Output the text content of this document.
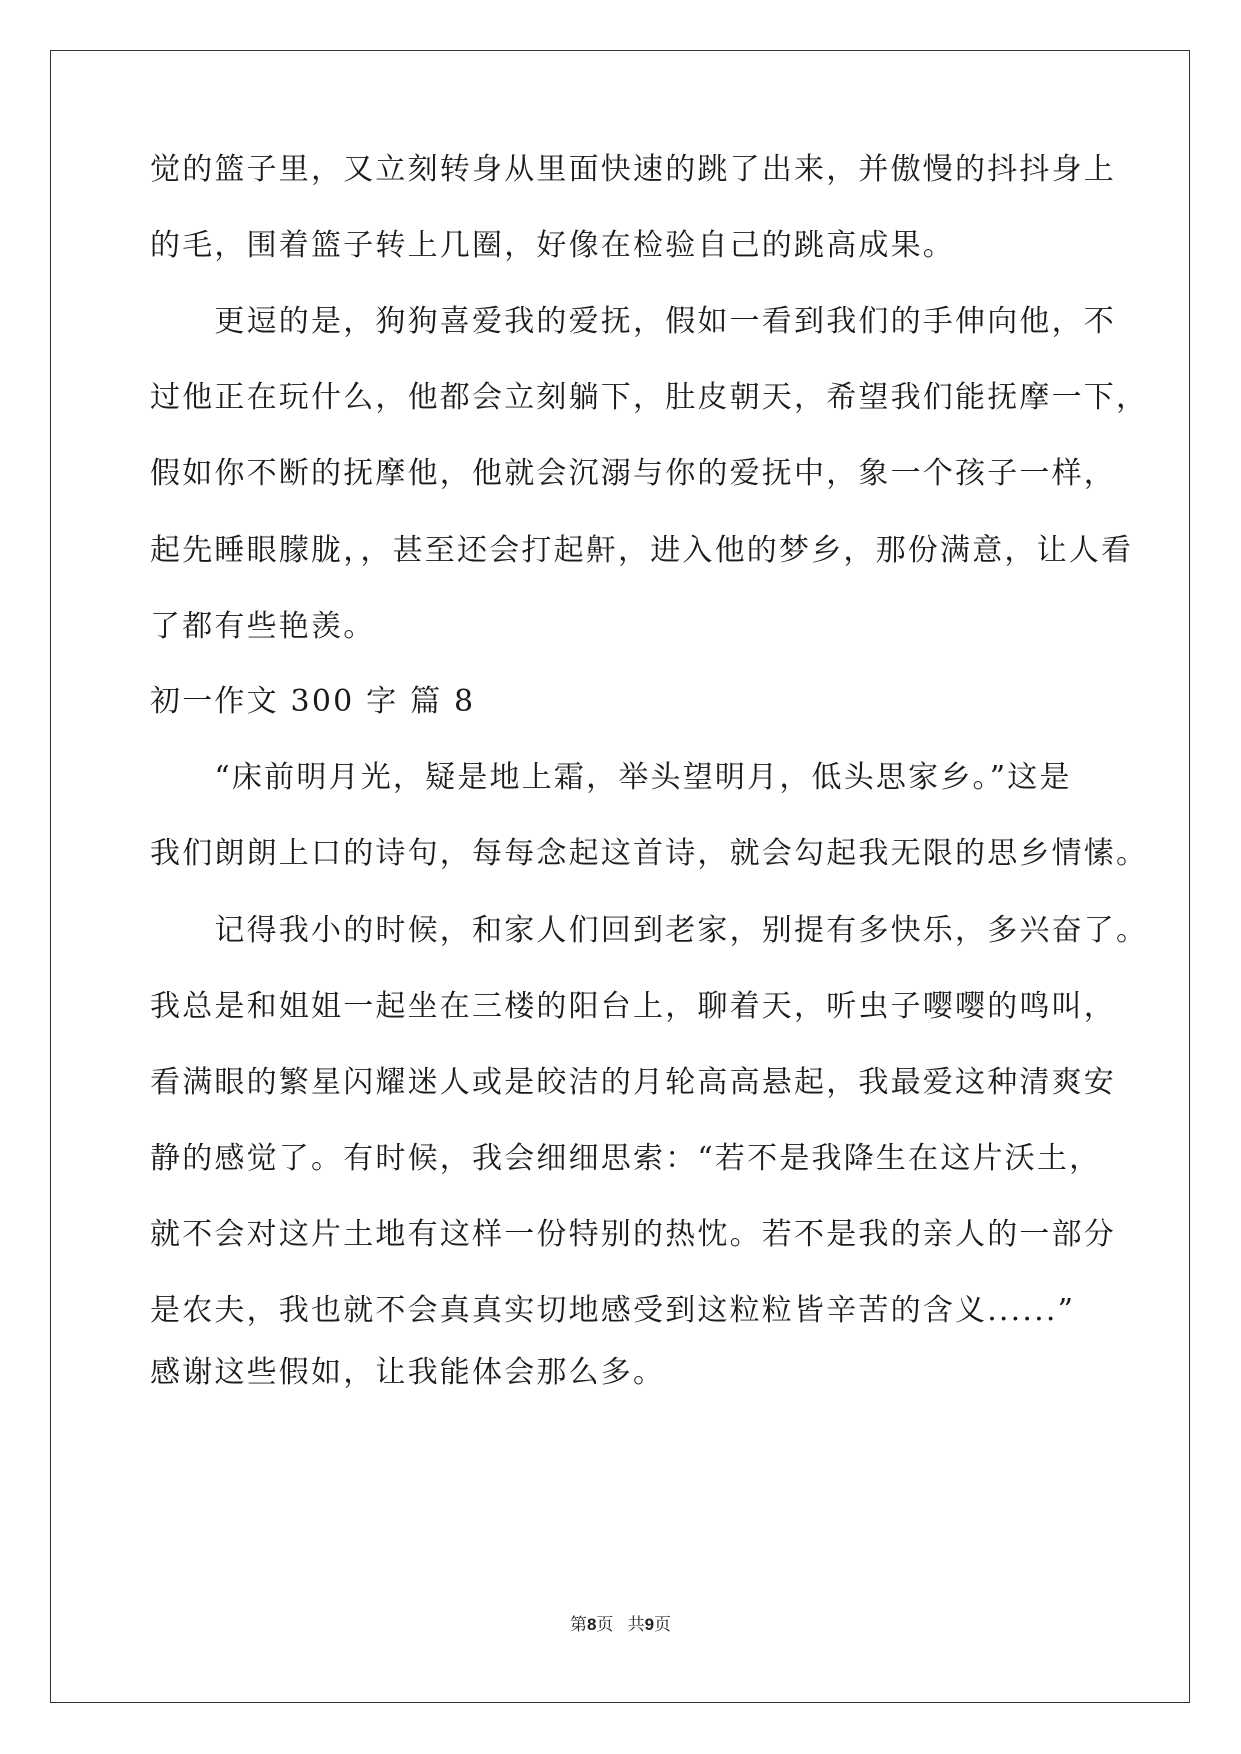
觉的篮子里，又立刻转身从里面快速的跳了出来，并傲慢的抖抖身上
的毛，围着篮子转上几圈，好像在检验自己的跳高成果。
　　更逗的是，狗狗喜爱我的爱抚，假如一看到我们的手伸向他，不
过他正在玩什么，他都会立刻躺下，肚皮朝天，希望我们能抚摩一下，
假如你不断的抚摩他，他就会沉溺与你的爱抚中，象一个孩子一样，
起先睡眼朦胧，，甚至还会打起鼾，进入他的梦乡，那份满意，让人看
了都有些艳羡。
初一作文 300 字 篇 8
　　“床前明月光，疑是地上霜，举头望明月，低头思家乡。”这是
我们朗朗上口的诗句，每每念起这首诗，就会勾起我无限的思乡情愫。
　　记得我小的时候，和家人们回到老家，别提有多快乐，多兴奋了。
我总是和姐姐一起坐在三楼的阳台上，聊着天，听虫子嘤嘤的鸣叫，
看满眼的繁星闪耀迷人或是皎洁的月轮高高悬起，我最爱这种清爽安
静的感觉了。有时候，我会细细思索：“若不是我降生在这片沃土，
就不会对这片土地有这样一份特别的热忱。若不是我的亲人的一部分
是农夫，我也就不会真真实切地感受到这粒粒皆辛苦的含义......”
感谢这些假如，让我能体会那么多。
第8页   共9页
